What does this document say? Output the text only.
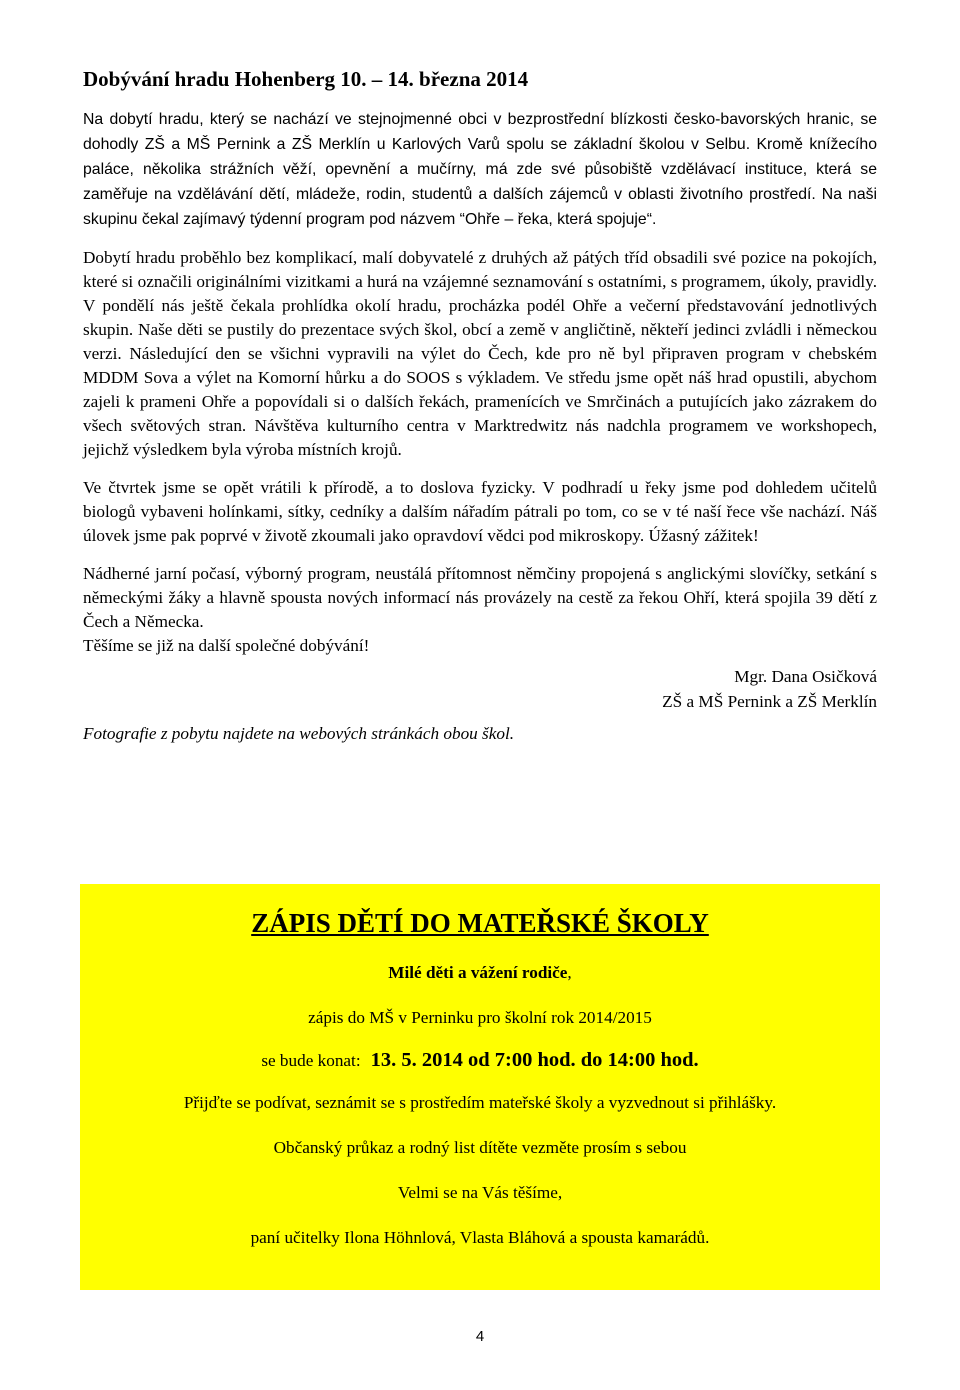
Dobývání hradu Hohenberg 10. – 14. března 2014

Na dobytí hradu, který se nachází ve stejnojmenné obci v bezprostřední blízkosti česko-bavorských hranic, se dohodly ZŠ a MŠ Pernink a ZŠ Merklín u Karlových Varů spolu se základní školou v Selbu. Kromě knížecího paláce, několika strážních věží, opevnění a mučírny, má zde své působiště vzdělávací instituce, která se zaměřuje na vzdělávání dětí, mládeže, rodin, studentů a dalších zájemců v oblasti životního prostředí. Na naši skupinu čekal zajímavý týdenní program pod názvem “Ohře – řeka, která spojuje“.

Dobytí hradu proběhlo bez komplikací, malí dobyvatelé z druhých až pátých tříd obsadili své pozice na pokojích, které si označili originálními vizitkami a hurá na vzájemné seznamování s ostatními, s programem, úkoly, pravidly. V pondělí nás ještě čekala prohlídka okolí hradu, procházka podél Ohře a večerní představování jednotlivých skupin. Naše děti se pustily do prezentace svých škol, obcí a země v angličtině, někteří jedinci zvládli i německou verzi. Následující den se všichni vypravili na výlet do Čech, kde pro ně byl připraven program v chebském MDDM Sova a výlet na Komorní hůrku a do SOOS s výkladem. Ve středu jsme opět náš hrad opustili, abychom zajeli k prameni Ohře a popovídali si o dalších řekách, pramenících ve Smrčinách a putujících jako zázrakem do všech světových stran. Návštěva kulturního centra v Marktredwitz nás nadchla programem ve workshopech, jejichž výsledkem byla výroba místních krojů.

Ve čtvrtek jsme se opět vrátili k přírodě, a to doslova fyzicky. V podhradí u řeky jsme pod dohledem učitelů biologů vybaveni holínkami, sítky, cedníky a dalším nářadím pátrali po tom, co se v té naší řece vše nachází. Náš úlovek jsme pak poprvé v životě zkoumali jako opravdoví vědci pod mikroskopy. Úžasný zážitek!

Nádherné jarní počasí, výborný program, neustálá přítomnost němčiny propojená s anglickými slovíčky, setkání s německými žáky a hlavně spousta nových informací nás provázely na cestě za řekou Ohří, která spojila 39 dětí z Čech a Německa.
Těšíme se již na další společné dobývání!

Mgr. Dana Osičková
ZŠ a MŠ Pernink a ZŠ Merklín

Fotografie z pobytu najdete na webových stránkách obou škol.

ZÁPIS DĚTÍ DO MATEŘSKÉ ŠKOLY

Milé děti a vážení rodiče,

zápis do MŠ v Perninku pro školní rok 2014/2015

se bude konat: 13. 5. 2014 od 7:00 hod. do 14:00 hod.

Přijďte se podívat, seznámit se s prostředím mateřské školy a vyzvednout si přihlášky.

Občanský průkaz a rodný list dítěte vezměte prosím s sebou

Velmi se na Vás těšíme,

paní učitelky Ilona Höhnlová, Vlasta Bláhová a spousta kamarádů.

4
